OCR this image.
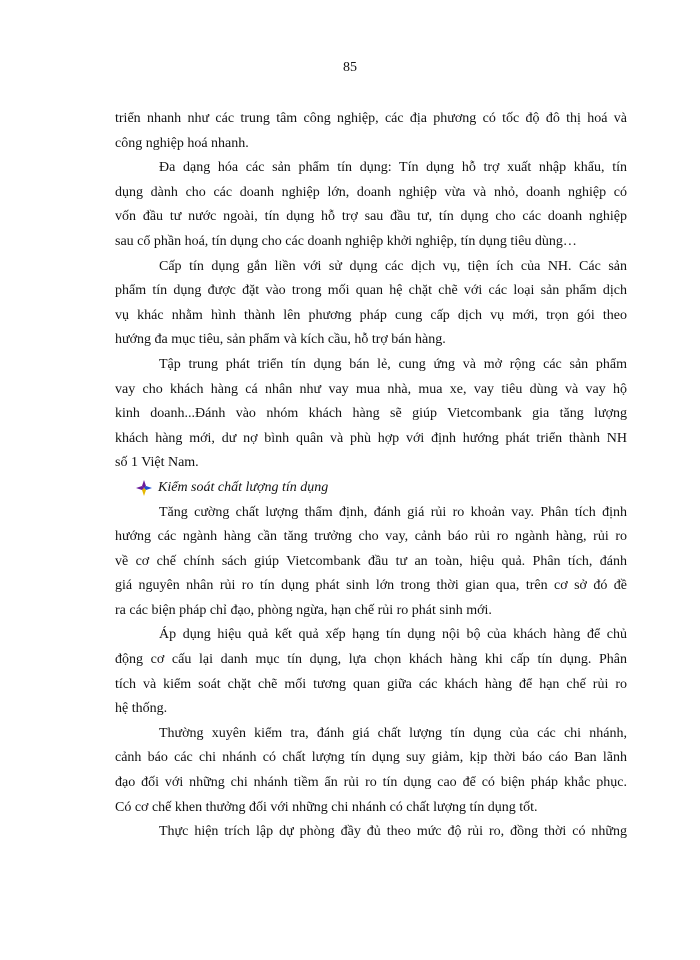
85
triển nhanh như các trung tâm công nghiệp, các địa phương có tốc độ đô thị hoá và
công nghiệp hoá nhanh.
Đa dạng hóa các sản phẩm tín dụng: Tín dụng hỗ trợ xuất nhập khẩu, tín
dụng dành cho các doanh nghiệp lớn, doanh nghiệp vừa và nhỏ, doanh nghiệp có
vốn đầu tư nước ngoài, tín dụng hỗ trợ sau đầu tư, tín dụng cho các doanh nghiệp
sau cổ phần hoá, tín dụng cho các doanh nghiệp khởi nghiệp, tín dụng tiêu dùng…
Cấp tín dụng gắn liền với sử dụng các dịch vụ, tiện ích của NH. Các sản
phẩm tín dụng được đặt vào trong mối quan hệ chặt chẽ với các loại sản phẩm dịch
vụ khác nhằm hình thành lên phương pháp cung cấp dịch vụ mới, trọn gói theo
hướng đa mục tiêu, sản phẩm và kích cầu, hỗ trợ bán hàng.
Tập trung phát triển tín dụng bán lẻ, cung ứng và mở rộng các sản phẩm
vay cho khách hàng cá nhân như vay mua nhà, mua xe, vay tiêu dùng và vay hộ
kinh doanh...Đánh vào nhóm khách hàng sẽ giúp Vietcombank gia tăng lượng
khách hàng mới, dư nợ bình quân và phù hợp với định hướng phát triển thành NH
số 1 Việt Nam.
Kiểm soát chất lượng tín dụng
Tăng cường chất lượng thẩm định, đánh giá rủi ro khoản vay. Phân tích định
hướng các ngành hàng cần tăng trưởng cho vay, cảnh báo rủi ro ngành hàng, rủi ro
về cơ chế chính sách giúp Vietcombank đầu tư an toàn, hiệu quả. Phân tích, đánh
giá nguyên nhân rủi ro tín dụng phát sinh lớn trong thời gian qua, trên cơ sở đó đề
ra các biện pháp chỉ đạo, phòng ngừa, hạn chế rủi ro phát sinh mới.
Áp dụng hiệu quả kết quả xếp hạng tín dụng nội bộ của khách hàng để chủ
động cơ cấu lại danh mục tín dụng, lựa chọn khách hàng khi cấp tín dụng. Phân
tích và kiểm soát chặt chẽ mối tương quan giữa các khách hàng để hạn chế rủi ro
hệ thống.
Thường xuyên kiểm tra, đánh giá chất lượng tín dụng của các chi nhánh,
cảnh báo các chi nhánh có chất lượng tín dụng suy giảm, kịp thời báo cáo Ban lãnh
đạo đối với những chi nhánh tiềm ẩn rủi ro tín dụng cao để có biện pháp khắc phục.
Có cơ chế khen thưởng đối với những chi nhánh có chất lượng tín dụng tốt.
Thực hiện trích lập dự phòng đầy đủ theo mức độ rủi ro, đồng thời có những
